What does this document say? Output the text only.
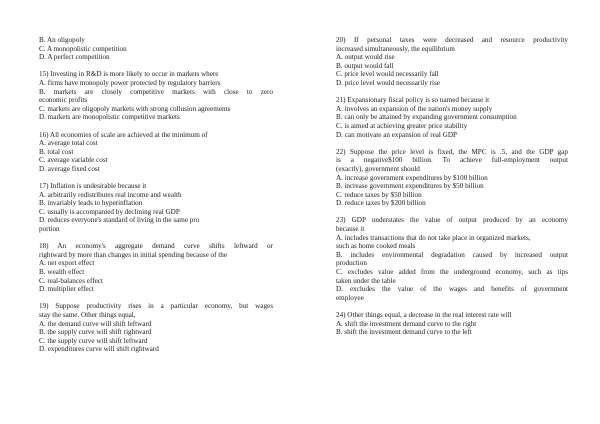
B. An oligopoly
C. A monopolistic competition
D. A perfect competition
15) Investing in R&D is more likely to occur in markets where
A. firms have monopoly power protected by regulatory barriers
B. markets are closely competitive markets with close to zero
economic profits
C. markets are oligopoly markets with strong collusion agreements
D. markets are monopolistic competitive markets
16) All economies of scale are achieved at the minimum of
A. average total cost
B. total cost
C. average variable cost
D. average fixed cost
17) Inflation is undesirable because it
A. arbitrarily redistributes real income and wealth
B. invariably leads to hyperinflation
C. usually is accompanied by declining real GDP
D. reduces everyone's standard of living in the same pro
portion
18) An economy's aggregate demand curve shifts leftward or
rightward by more than changes in initial spending because of the
A. net export effect
B. wealth effect
C. real-balances effect
D. multiplier effect
19) Suppose productivity rises in a particular economy, but wages
stay the same. Other things equal,
A. the demand curve will shift leftward
B. the supply curve will shift rightward
C. the supply curve will shift leftward
D. expenditures curve will shift rightward
20) If personal taxes were decreased and resource productivity
increased simultaneously, the equilibrium
A. output would rise
B. output would fall
C. price level would necessarily fall
D. price level would necessarily rise
21) Expansionary fiscal policy is so named because it
A. involves an expansion of the nation's money supply
B. can only be attained by expanding government consumption
C. is aimed at achieving greater price stability
D. can motivate an expansion of real GDP
22) Suppose the price level is fixed, the MPC is .5, and the GDP gap
is a negative$100 billion. To achieve full-employment output
(exactly), government should
A. increase government expenditures by $100 billion
B. increase government expenditures by $50 billion
C. reduce taxes by $50 billion
D. reduce taxes by $200 billion
23) GDP understates the value of output produced by an economy
because it
A. includes transactions that do not take place in organized markets,
such as home cooked meals
B. includes environmental degradation caused by increased output
production
C. excludes value added from the underground economy, such as tips
taken under the table
D. excludes the value of the wages and benefits of government
employee
24) Other things equal, a decrease in the real interest rate will
A. shift the investment demand curve to the right
B. shift the investment demand curve to the left
